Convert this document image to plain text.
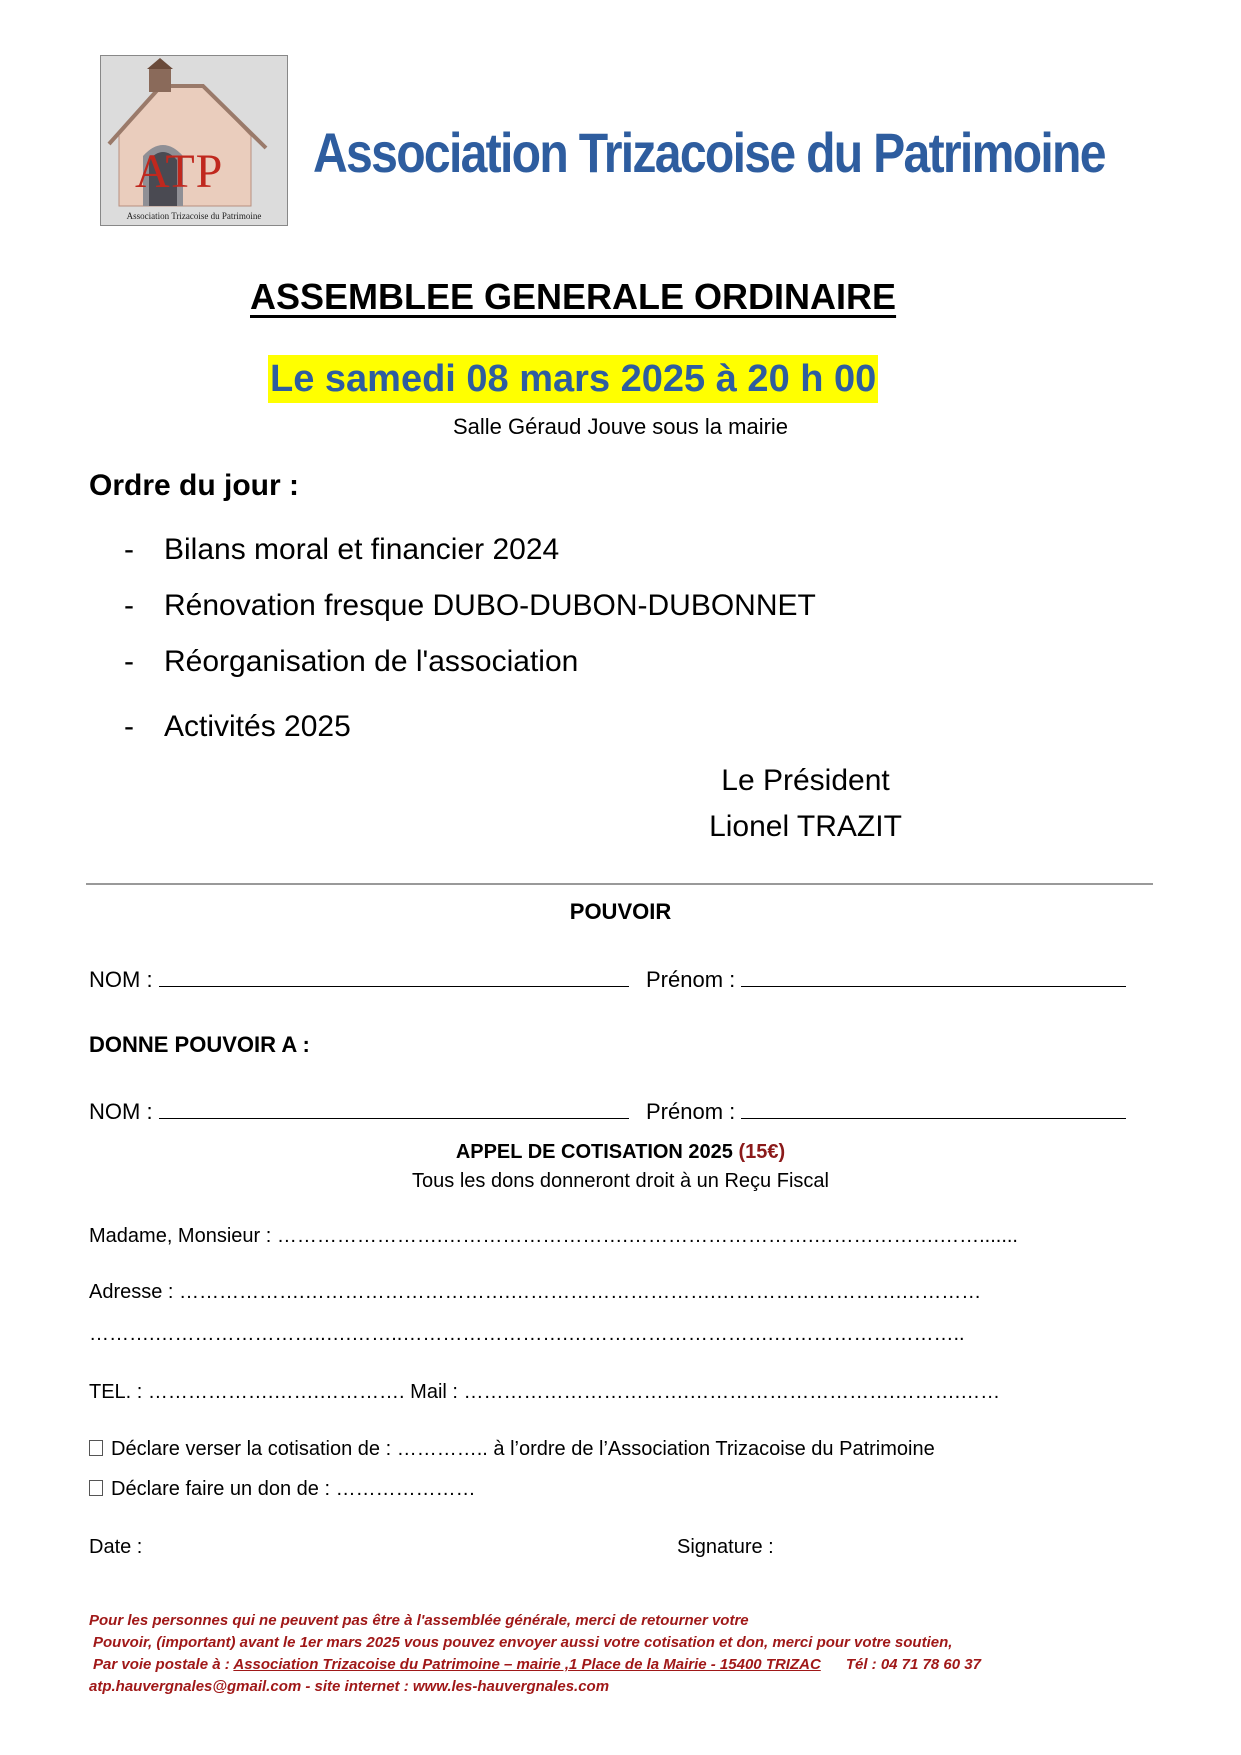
ATP
Association Trizacoise du Patrimoine
Association Trizacoise du Patrimoine
ASSEMBLEE GENERALE ORDINAIRE
Le samedi 08 mars 2025 à 20 h 00
Salle Géraud Jouve sous la mairie
Ordre du jour :
- Bilans moral et financier 2024
- Rénovation fresque DUBO-DUBON-DUBONNET
- Réorganisation de l'association
- Activités 2025
Le Président
Lionel TRAZIT
POUVOIR
NOM :	Prénom :
DONNE POUVOIR A :
NOM :	Prénom :
APPEL DE COTISATION 2025 (15€)
Tous les dons donneront droit à un Reçu Fiscal
Madame, Monsieur : …………………….……………………….……………………….……………….…….......
Adresse : ……………….………………………….………………………….……………………….…………
……….……………………..….……..…………………….………………………….………………………..
TEL. : ……………….…….…………. Mail : …………………………….………………………….……….……
Déclare verser la cotisation de : ………….. à l’ordre de l’Association Trizacoise du Patrimoine
Déclare faire un don de : …………………
Date :	Signature :
Pour les personnes qui ne peuvent pas être à l'assemblée générale, merci de retourner votre
Pouvoir, (important) avant le 1er mars 2025 vous pouvez envoyer aussi votre cotisation et don, merci pour votre soutien,
Par voie postale à : Association Trizacoise du Patrimoine – mairie ,1 Place de la Mairie - 15400 TRIZAC Tél : 04 71 78 60 37
atp.hauvergnales@gmail.com - site internet : www.les-hauvergnales.com
